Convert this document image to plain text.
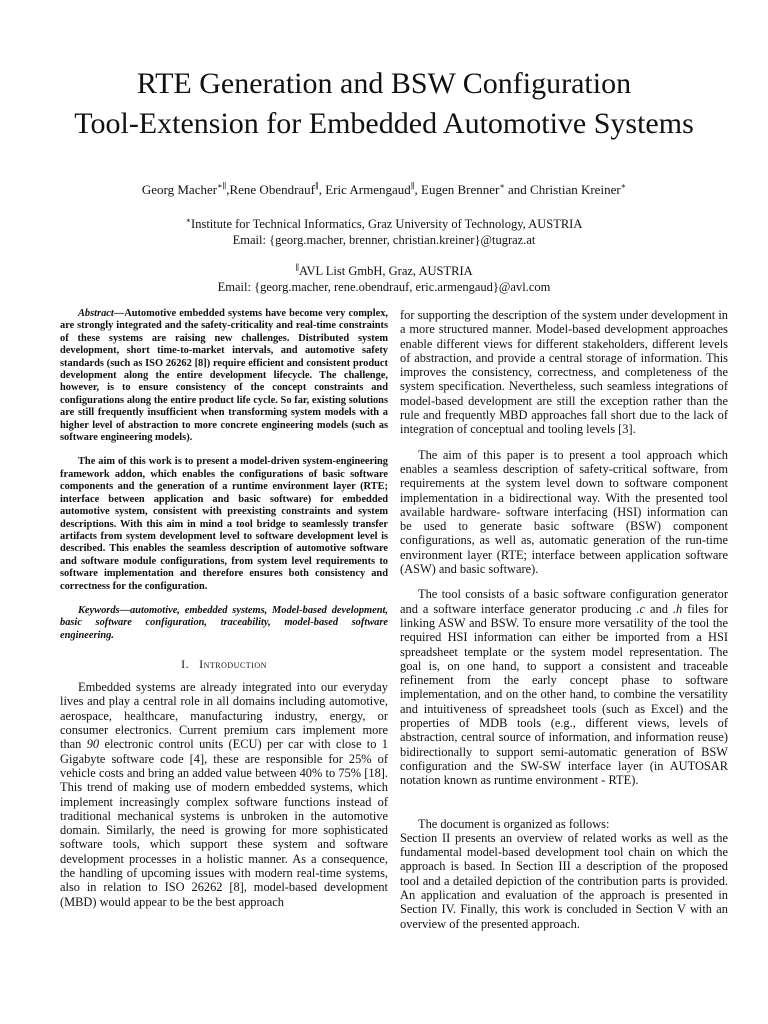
RTE Generation and BSW Configuration
Tool-Extension for Embedded Automotive Systems
Georg Macher∗∥,Rene Obendrauf∥, Eric Armengaud∥, Eugen Brenner∗ and Christian Kreiner∗
∗Institute for Technical Informatics, Graz University of Technology, AUSTRIA
Email: {georg.macher, brenner, christian.kreiner}@tugraz.at
∥AVL List GmbH, Graz, AUSTRIA
Email: {georg.macher, rene.obendrauf, eric.armengaud}@avl.com

Abstract—Automotive embedded systems have become very complex, are strongly integrated and the safety-criticality and real-time constraints of these systems are raising new challenges. Distributed system development, short time-to-market intervals, and automotive safety standards (such as ISO 26262 [8]) require efficient and consistent product development along the entire development lifecycle. The challenge, however, is to ensure consistency of the concept constraints and configurations along the entire product life cycle. So far, existing solutions are still frequently insufficient when transforming system models with a higher level of abstraction to more concrete engineering models (such as software engineering models).

The aim of this work is to present a model-driven system-engineering framework addon, which enables the configurations of basic software components and the generation of a runtime environment layer (RTE; interface between application and basic software) for embedded automotive system, consistent with preexisting constraints and system descriptions. With this aim in mind a tool bridge to seamlessly transfer artifacts from system development level to software development level is described. This enables the seamless description of automotive software and software module configurations, from system level requirements to software implementation and therefore ensures both consistency and correctness for the configuration.

Keywords—automotive, embedded systems, Model-based development, basic software configuration, traceability, model-based software engineering.

I. Introduction

Embedded systems are already integrated into our everyday lives and play a central role in all domains including automotive, aerospace, healthcare, manufacturing industry, energy, or consumer electronics. Current premium cars implement more than 90 electronic control units (ECU) per car with close to 1 Gigabyte software code [4], these are responsible for 25% of vehicle costs and bring an added value between 40% to 75% [18]. This trend of making use of modern embedded systems, which implement increasingly complex software functions instead of traditional mechanical systems is unbroken in the automotive domain. Similarly, the need is growing for more sophisticated software tools, which support these system and software development processes in a holistic manner. As a consequence, the handling of upcoming issues with modern real-time systems, also in relation to ISO 26262 [8], model-based development (MBD) would appear to be the best approach

for supporting the description of the system under development in a more structured manner. Model-based development approaches enable different views for different stakeholders, different levels of abstraction, and provide a central storage of information. This improves the consistency, correctness, and completeness of the system specification. Nevertheless, such seamless integrations of model-based development are still the exception rather than the rule and frequently MBD approaches fall short due to the lack of integration of conceptual and tooling levels [3].

The aim of this paper is to present a tool approach which enables a seamless description of safety-critical software, from requirements at the system level down to software component implementation in a bidirectional way. With the presented tool available hardware- software interfacing (HSI) information can be used to generate basic software (BSW) component configurations, as well as, automatic generation of the run-time environment layer (RTE; interface between application software (ASW) and basic software).

The tool consists of a basic software configuration generator and a software interface generator producing .c and .h files for linking ASW and BSW. To ensure more versatility of the tool the required HSI information can either be imported from a HSI spreadsheet template or the system model representation. The goal is, on one hand, to support a consistent and traceable refinement from the early concept phase to software implementation, and on the other hand, to combine the versatility and intuitiveness of spreadsheet tools (such as Excel) and the properties of MDB tools (e.g., different views, levels of abstraction, central source of information, and information reuse) bidirectionally to support semi-automatic generation of BSW configuration and the SW-SW interface layer (in AUTOSAR notation known as runtime environment - RTE).

The document is organized as follows:

Section II presents an overview of related works as well as the fundamental model-based development tool chain on which the approach is based. In Section III a description of the proposed tool and a detailed depiction of the contribution parts is provided. An application and evaluation of the approach is presented in Section IV. Finally, this work is concluded in Section V with an overview of the presented approach.
